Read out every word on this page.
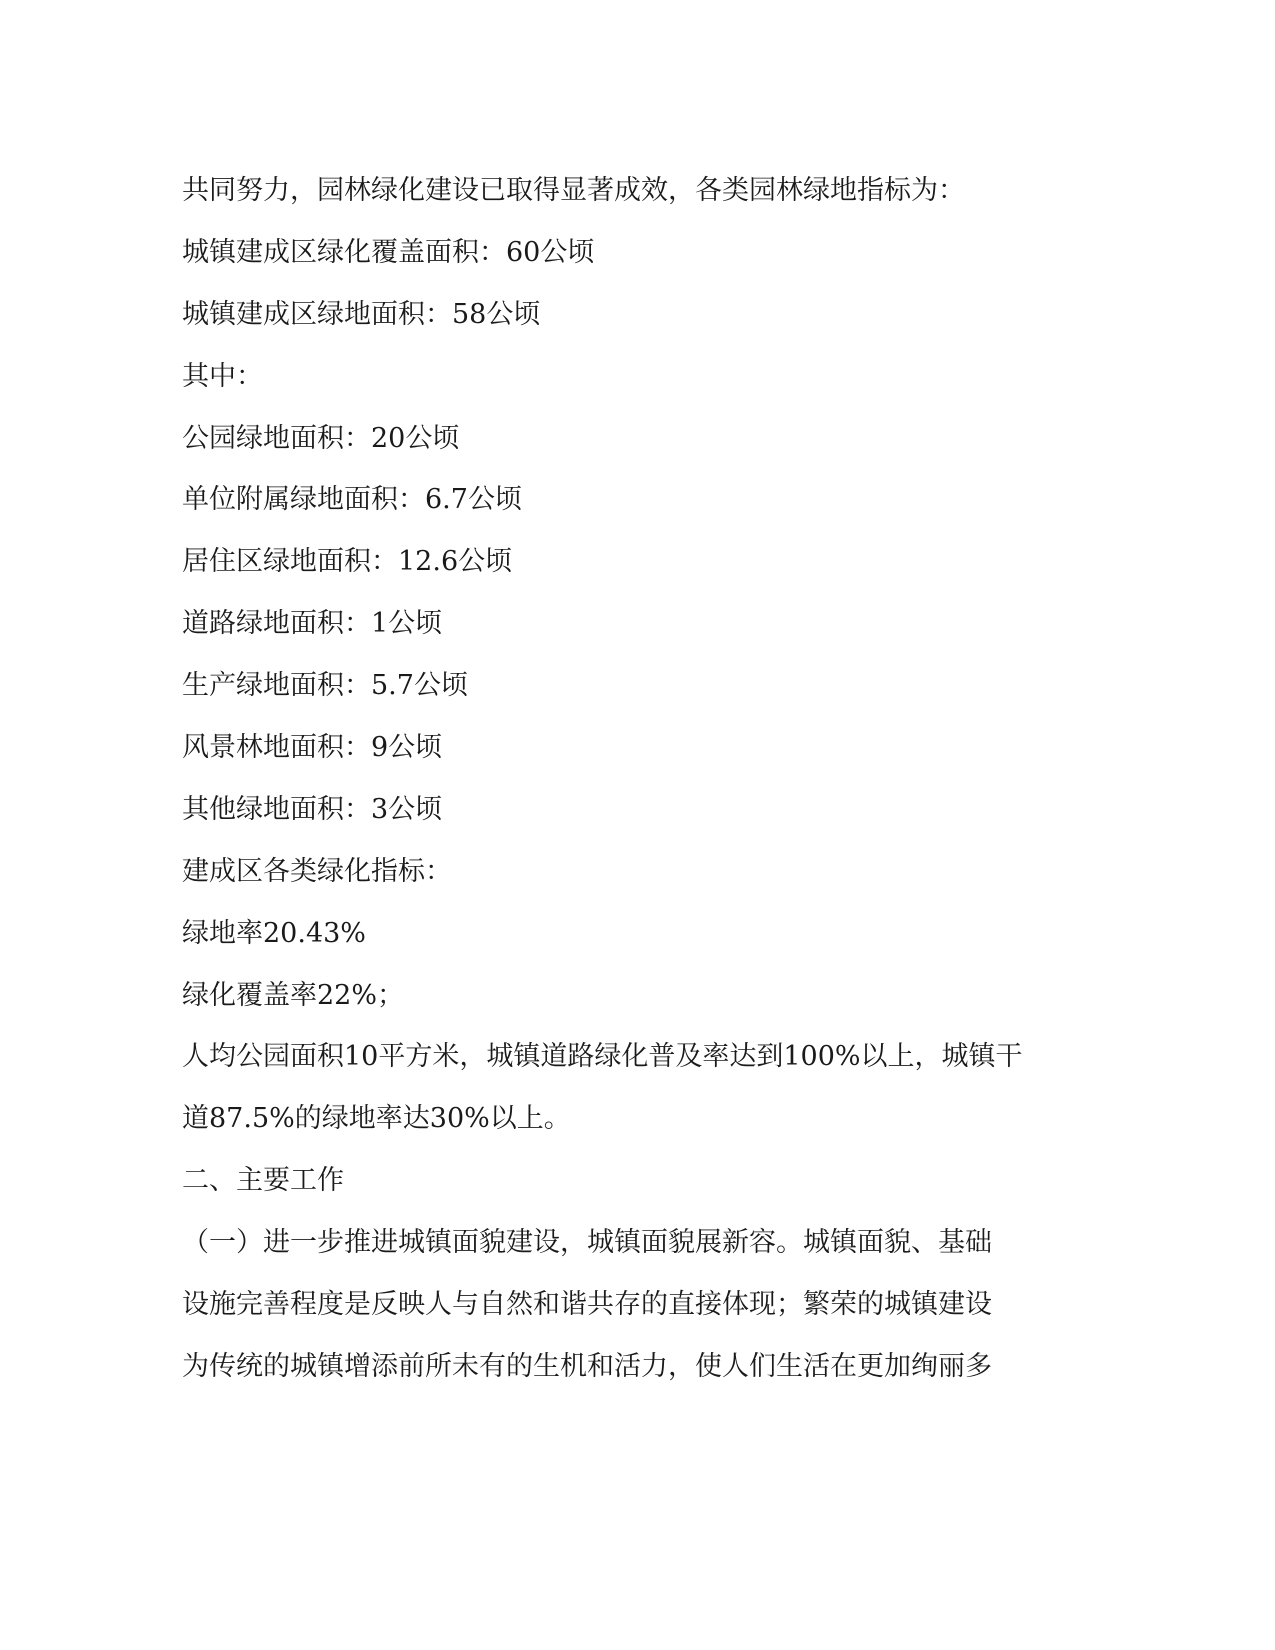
共同努力，园林绿化建设已取得显著成效，各类园林绿地指标为：
城镇建成区绿化覆盖面积：60公顷
城镇建成区绿地面积：58公顷
其中：
公园绿地面积：20公顷
单位附属绿地面积：6.7公顷
居住区绿地面积：12.6公顷
道路绿地面积：1公顷
生产绿地面积：5.7公顷
风景林地面积：9公顷
其他绿地面积：3公顷
建成区各类绿化指标：
绿地率20.43%
绿化覆盖率22%；
人均公园面积10平方米，城镇道路绿化普及率达到100%以上，城镇干
道87.5%的绿地率达30%以上。
二、主要工作
（一）进一步推进城镇面貌建设，城镇面貌展新容。城镇面貌、基础
设施完善程度是反映人与自然和谐共存的直接体现；繁荣的城镇建设
为传统的城镇增添前所未有的生机和活力，使人们生活在更加绚丽多
